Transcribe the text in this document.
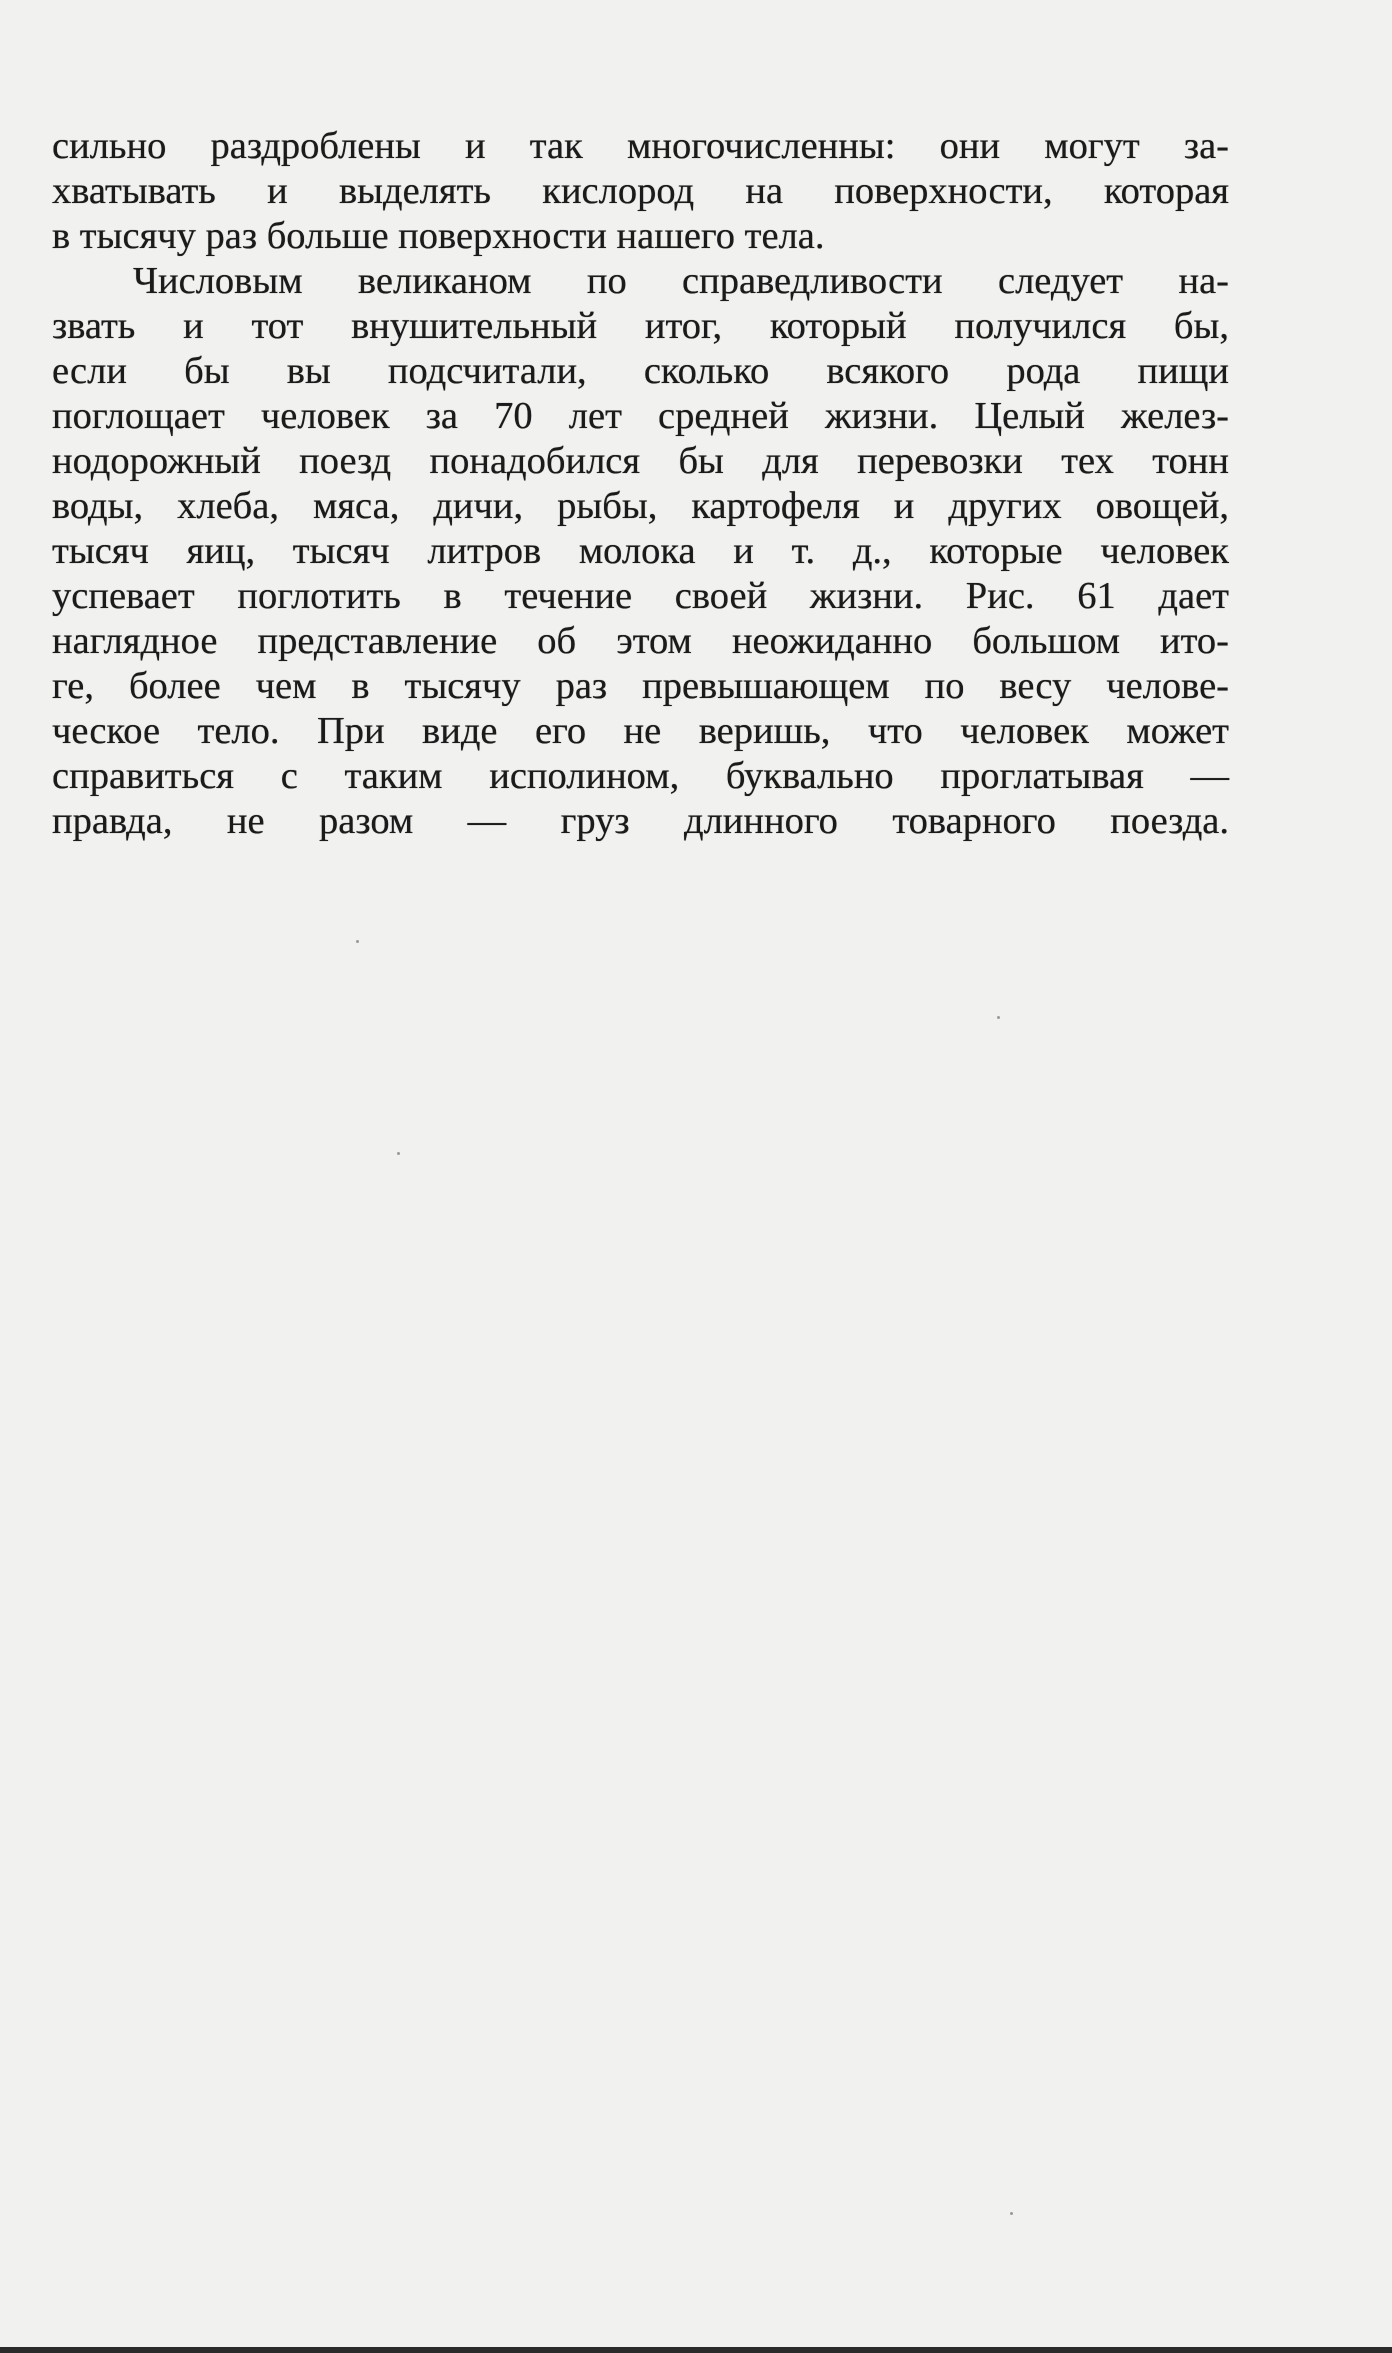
сильно раздроблены и так многочисленны: они могут за-
хватывать и выделять кислород на поверхности, которая
в тысячу раз больше поверхности нашего тела.
Числовым великаном по справедливости следует на-
звать и тот внушительный итог, который получился бы,
если бы вы подсчитали, сколько всякого рода пищи
поглощает человек за 70 лет средней жизни. Целый желез-
нодорожный поезд понадобился бы для перевозки тех тонн
воды, хлеба, мяса, дичи, рыбы, картофеля и других овощей,
тысяч яиц, тысяч литров молока и т. д., которые человек
успевает поглотить в течение своей жизни. Рис. 61 дает
наглядное представление об этом неожиданно большом ито-
ге, более чем в тысячу раз превышающем по весу челове-
ческое тело. При виде его не веришь, что человек может
справиться с таким исполином, буквально проглатывая —
правда, не разом — груз длинного товарного поезда.
